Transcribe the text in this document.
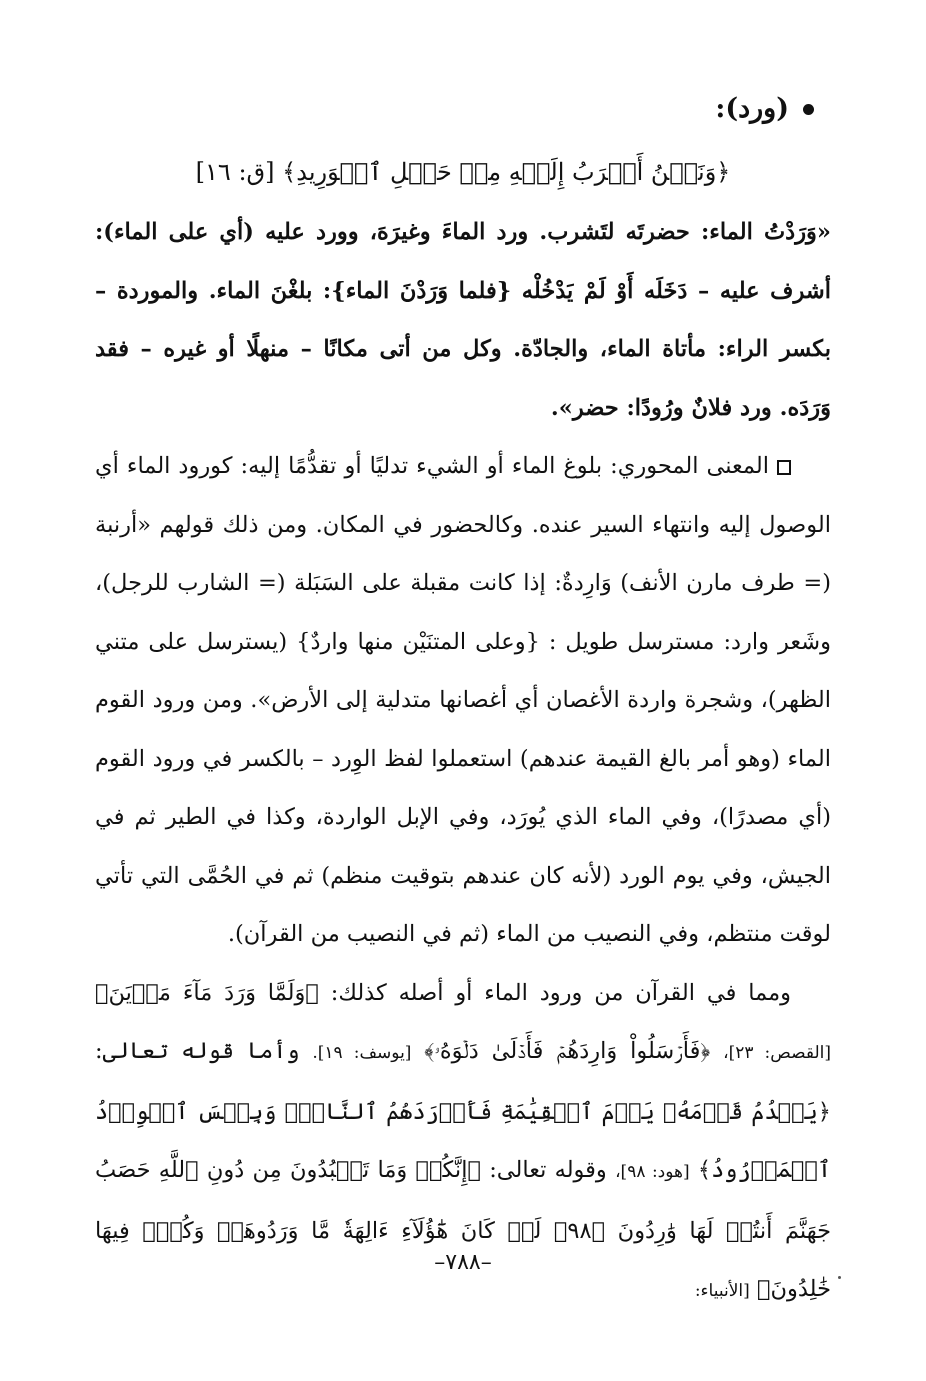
(ورد):
﴿وَنَحۡنُ أَقۡرَبُ إِلَيۡهِ مِنۡ حَبۡلِ ٱلۡوَرِيدِ﴾ [ق: ١٦]

«وَرَدْتُ الماء: حضرتَه لتَشرب. ورد الماءَ وغيرَهَ، وورد عليه (أي على الماء): أشرف عليه – دَخَلَه أَوْ لَمْ يَدْخُلْه {فلما وَرَدْنَ الماء}: بلغْنَ الماء. والموردة – بكسر الراء: مأتاة الماء، والجادّة. وكل من أتى مكانًا – منهلًا أو غيره – فقد وَرَدَه. ورد فلانٌ ورُودًا: حضر».

المعنى المحوري: بلوغ الماء أو الشيء تدليًا أو تقدُّمًا إليه: كورود الماء أي الوصول إليه وانتهاء السير عنده. وكالحضور في المكان. ومن ذلك قولهم «أرنبة (= طرف مارن الأنف) وَارِدةٌ: إذا كانت مقبلة على السَبَلة (= الشارب للرجل)، وشَعر وارد: مسترسل طويل : {وعلى المتنَيْن منها واردٌ} (يسترسل على متني الظهر)، وشجرة واردة الأغصان أي أغصانها متدلية إلى الأرض». ومن ورود القوم الماء (وهو أمر بالغ القيمة عندهم) استعملوا لفظ الوِرد – بالكسر في ورود القوم (أي مصدرًا)، وفي الماء الذي يُورَد، وفي الإبل الواردة، وكذا في الطير ثم في الجيش، وفي يوم الورد (لأنه كان عندهم بتوقيت منظم) ثم في الحُمَّى التي تأتي لوقت منتظم، وفي النصيب من الماء (ثم في النصيب من القرآن).

ومما في القرآن من ورود الماء أو أصله كذلك: ﴿وَلَمَّا وَرَدَ مَآءَ مَدۡيَنَ﴾ [القصص: ٢٣]، ﴿فَأَرۡسَلُواْ وَارِدَهُمۡ فَأَدۡلَىٰ دَلۡوَهُۥ﴾ [يوسف: ١٩]. وأما قوله تعالى: ﴿يَقۡدُمُ قَوۡمَهُۥ يَوۡمَ ٱلۡقِيَٰمَةِ فَأَوۡرَدَهُمُ ٱلنَّارَۖ وَبِئۡسَ ٱلۡوِرۡدُ ٱلۡمَوۡرُودُ﴾ [هود: ٩٨]، وقوله تعالى: ﴿إِنَّكُمۡ وَمَا تَعۡبُدُونَ مِن دُونِ ٱللَّهِ حَصَبُ جَهَنَّمَ أَنتُمۡ لَهَا وَٰرِدُونَ ﴿٩٨﴾ لَوۡ كَانَ هَٰٓؤُلَآءِ ءَالِهَةٗ مَّا وَرَدُوهَاۖ وَكُلّٞ فِيهَا خَٰلِدُونَ﴾ [الأنبياء:

–٧٨٨–
